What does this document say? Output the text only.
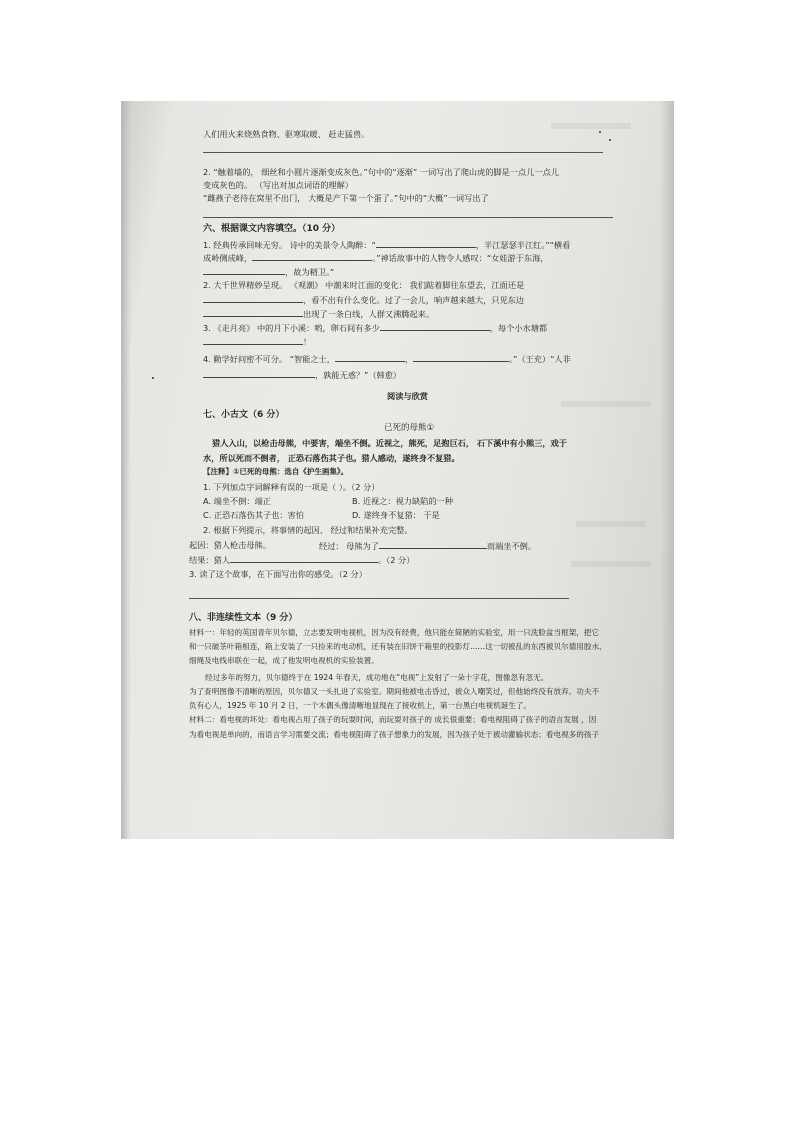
人们用火来烧熟食物、驱寒取暖、 赶走猛兽。
2. “触着墙的， 细丝和小圆片逐渐变成灰色。”句中的“逐渐” 一词写出了爬山虎的脚是一点儿一点儿
变成灰色的。 （写出对加点词语的理解）
“雌燕子老待在窝里不出门， 大概是产下第一个蛋了。”句中的“大概”一词写出了
六、根据课文内容填空。（10 分）
1. 经典传承回味无穷。 诗中的美景令人陶醉：“	，半江瑟瑟半江红。”“横看
成岭侧成峰，	。”神话故事中的人物令人感叹：“女娃游于东海，
，故为精卫。”
2. 大千世界精妙呈现。 《观潮》 中潮来时江面的变化： 我们踮着脚往东望去，江面还是
，看不出有什么变化。过了一会儿，响声越来越大，只见东边
出现了一条白线，人群又沸腾起来。
3. 《走月亮》 中的月下小溪：哟，卵石间有多少	，每个小水塘都
！
4. 勤学好问密不可分。 “智能之士，	，	。”（王充）“人非
，孰能无惑？”（韩愈）
阅读与欣赏
七、小古文（6 分）
已死的母熊①
猎人入山，以枪击母熊，中要害，端坐不倒。近视之，熊死，足抱巨石， 石下溪中有小熊三，戏于
水，所以死而不倒者， 正恐石落伤其子也。猎人感动，遂终身不复猎。
【注释】①已死的母熊：选自《护生画集》。
1. 下列加点字词解释有误的一项是（ ）。（2 分）
A. 端坐不倒：端正	B. 近视之：视力缺陷的一种
C. 正恐石落伤其子也：害怕	D. 遂终身不复猎： 于是
2. 根据下列提示，将事情的起因、 经过和结果补充完整。
起因：猎人枪击母熊。	经过： 母熊为了	而端坐不倒。
结果：猎人	。（2 分）
3. 读了这个故事，在下面写出你的感受。（2 分）
八、非连续性文本（9 分）
材料一：年轻的英国青年贝尔德，立志要发明电视机，因为没有经费，他只能在简陋的实验室，用一只洗脸盆当框架，把它
和一只破茶叶箱相连，箱上安装了一只捡来的电动机，还有装在旧饼干箱里的投影灯……这一切被乱的东西被贝尔德用胶水、
细绳及电线串联在一起，成了他发明电视机的实验装置。
经过多年的努力，贝尔德终于在 1924 年春天，成功地在“电视”上发射了一朵十字花，图像忽有忽无。
为了查明图像不清晰的原因，贝尔德又一头扎进了实验室。期间他被电击昏过，被众人嘲笑过，但他始终没有放弃。功夫不
负有心人，1925 年 10 月 2 日，一个木偶头像清晰地显现在了接收机上，第一台黑白电视机诞生了。
材料二：看电视的坏处：看电视占用了孩子的玩耍时间，而玩耍对孩子的 成长很重要；看电视阻碍了孩子的语言发展 ，因
为看电视是单向的，而语言学习需要交流；看电视阻碍了孩子想象力的发展，因为孩子处于被动灌输状态；看电视多的孩子
